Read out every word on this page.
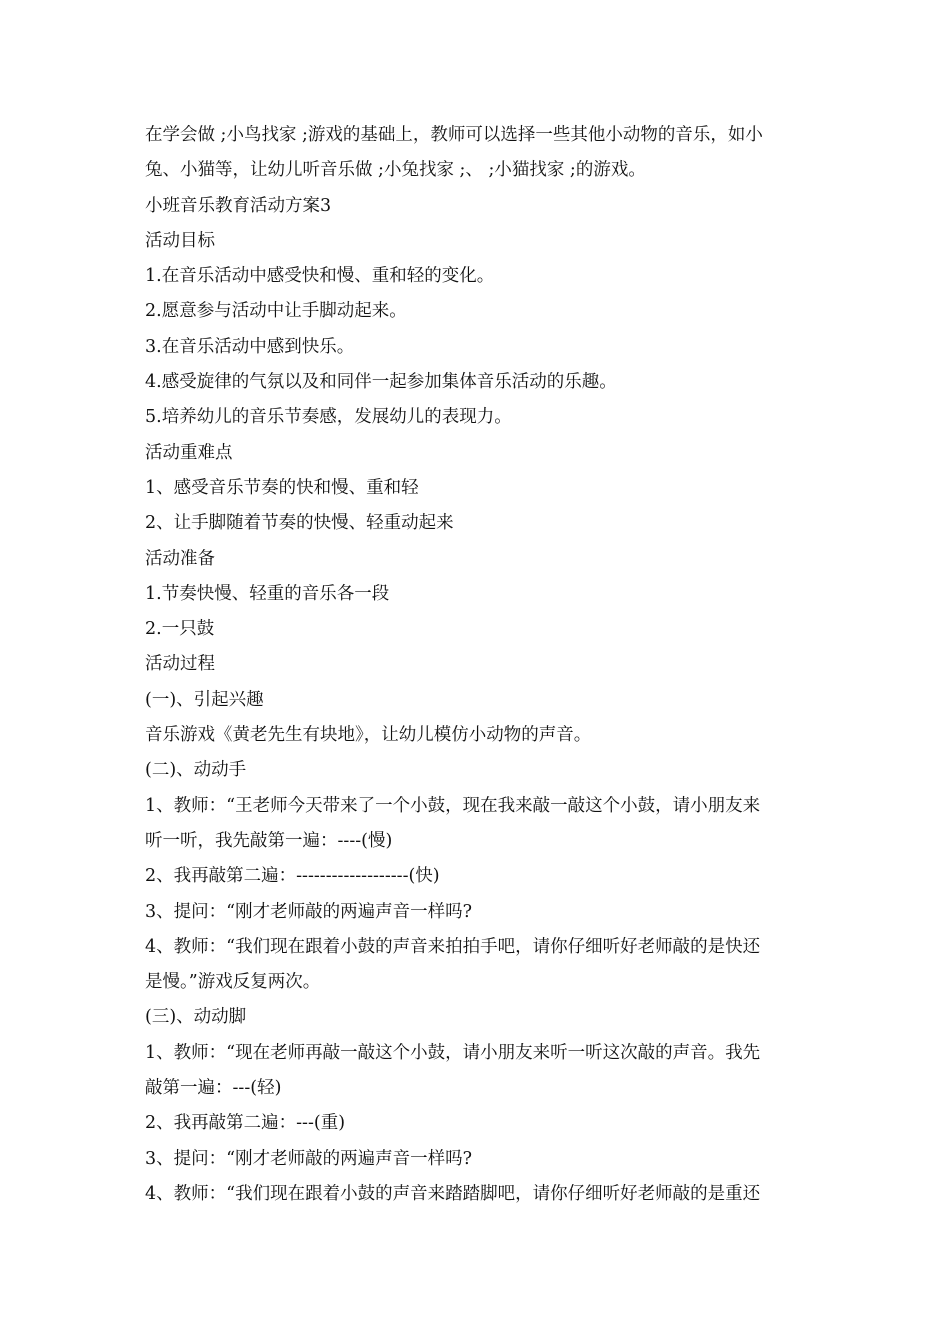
在学会做 ;小鸟找家 ;游戏的基础上，教师可以选择一些其他小动物的音乐，如小
兔、小猫等，让幼儿听音乐做 ;小兔找家 ;、 ;小猫找家 ;的游戏。
小班音乐教育活动方案3
活动目标
1.在音乐活动中感受快和慢、重和轻的变化。
2.愿意参与活动中让手脚动起来。
3.在音乐活动中感到快乐。
4.感受旋律的气氛以及和同伴一起参加集体音乐活动的乐趣。
5.培养幼儿的音乐节奏感，发展幼儿的表现力。
活动重难点
1、感受音乐节奏的快和慢、重和轻
2、让手脚随着节奏的快慢、轻重动起来
活动准备
1.节奏快慢、轻重的音乐各一段
2.一只鼓
活动过程
(一)、引起兴趣
音乐游戏《黄老先生有块地》，让幼儿模仿小动物的声音。
(二)、动动手
1、教师：“王老师今天带来了一个小鼓，现在我来敲一敲这个小鼓，请小朋友来
听一听，我先敲第一遍：----(慢)
2、我再敲第二遍：-------------------(快)
3、提问：“刚才老师敲的两遍声音一样吗?
4、教师：“我们现在跟着小鼓的声音来拍拍手吧，请你仔细听好老师敲的是快还
是慢。”游戏反复两次。
(三)、动动脚
1、教师：“现在老师再敲一敲这个小鼓，请小朋友来听一听这次敲的声音。我先
敲第一遍：---(轻)
2、我再敲第二遍：---(重)
3、提问：“刚才老师敲的两遍声音一样吗?
4、教师：“我们现在跟着小鼓的声音来踏踏脚吧，请你仔细听好老师敲的是重还
